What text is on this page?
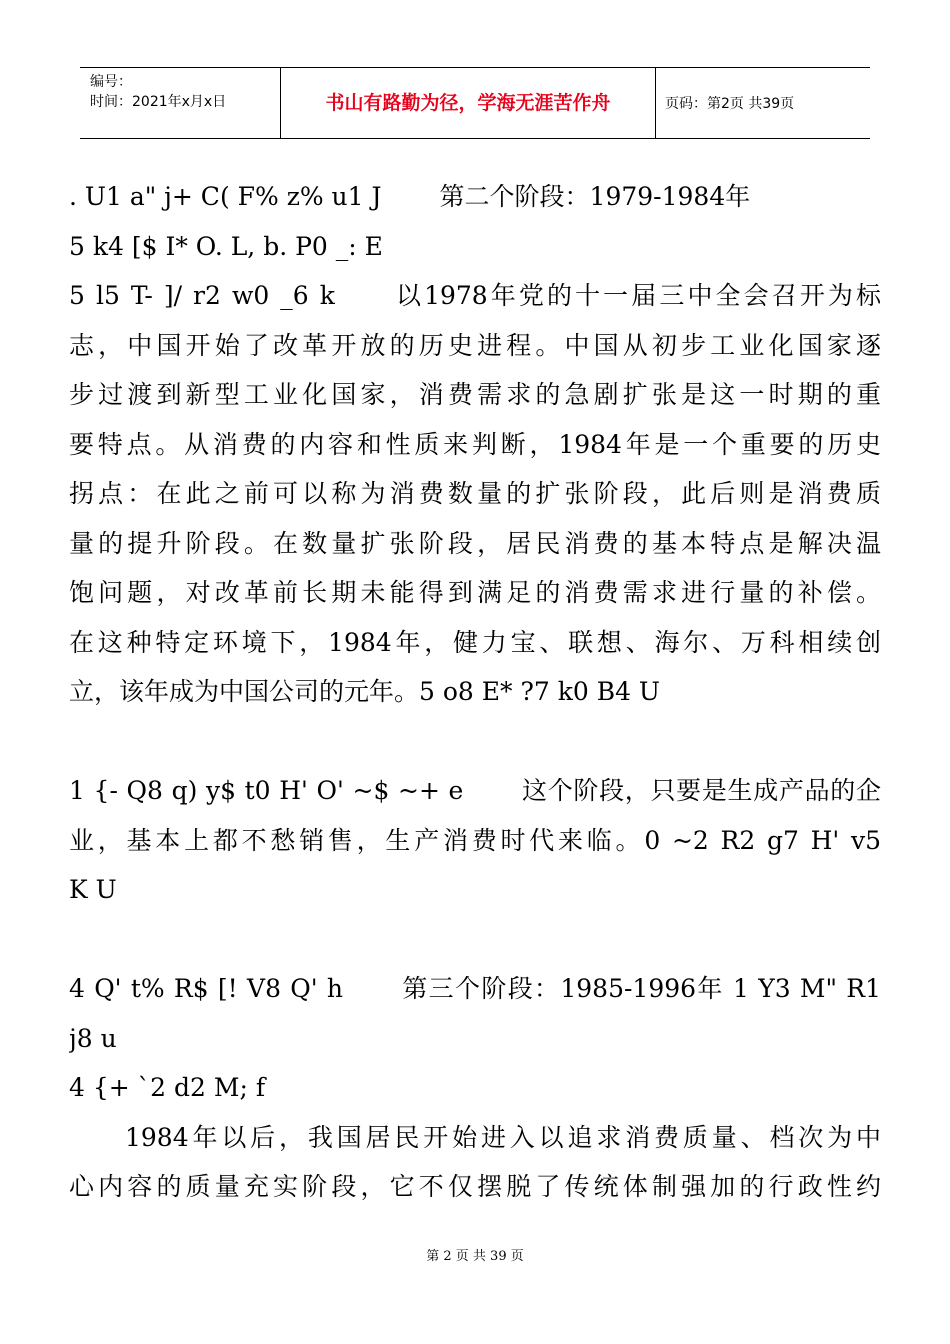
编号：
时间：2021年x月x日	书山有路勤为径，学海无涯苦作舟	页码：第2页 共39页
. U1 a" j+ C( F% z% u1 J 第二个阶段：1979-1984年
5 k4 [$ I* O. L, b. P0 _: E
5 l5 T- ]/ r2 w0 _6 k 以1978年党的十一届三中全会召开为标
志，中国开始了改革开放的历史进程。中国从初步工业化国家逐
步过渡到新型工业化国家，消费需求的急剧扩张是这一时期的重
要特点。从消费的内容和性质来判断，1984年是一个重要的历史
拐点：在此之前可以称为消费数量的扩张阶段，此后则是消费质
量的提升阶段。在数量扩张阶段，居民消费的基本特点是解决温
饱问题，对改革前长期未能得到满足的消费需求进行量的补偿。
在这种特定环境下，1984年，健力宝、联想、海尔、万科相续创
立，该年成为中国公司的元年。5 o8 E* ?7 k0 B4 U
1 {- Q8 q) y$ t0 H' O' ~$ ~+ e 这个阶段，只要是生成产品的企
业，基本上都不愁销售，生产消费时代来临。0 ~2 R2 g7 H' v5
K U
4 Q' t% R$ [! V8 Q' h 第三个阶段：1985-1996年 1 Y3 M" R1
j8 u
4 {+ `2 d2 M; f
1984年以后，我国居民开始进入以追求消费质量、档次为中
心内容的质量充实阶段，它不仅摆脱了传统体制强加的行政性约
第 2 页 共 39 页
